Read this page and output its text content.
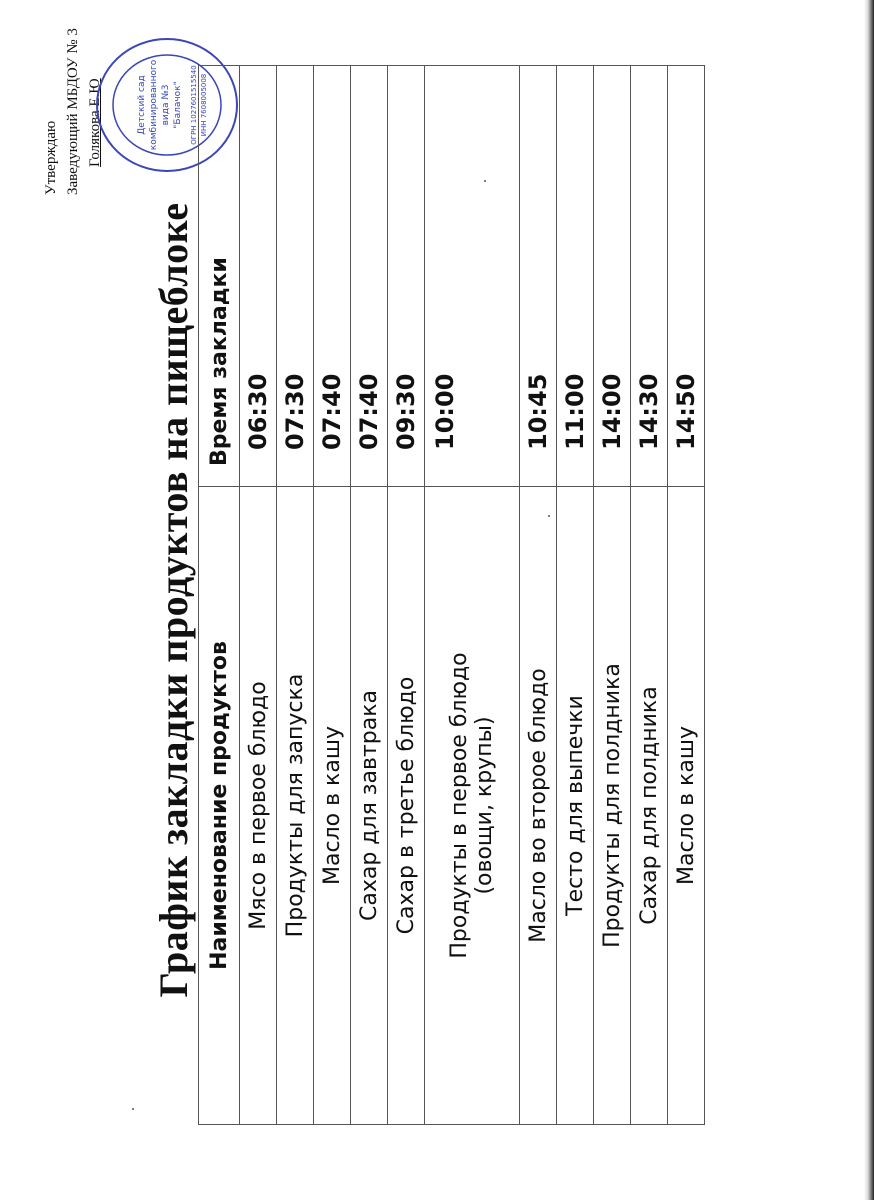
Утверждаю Заведующий МБДОУ № 3 Голякова Е.Ю	Детский сад комбинированного вида №3 "Балачок" ОГРН 1027601515540 ИНН 7608005008
График закладки продуктов на пищеблоке Наименование продуктов	Время закладки
Мясо в первое блюдо	06:30
Продукты для запуска	07:30
Масло в кашу	07:40
Сахар для завтрака	07:40
Сахар в третье блюдо	09:30

Продукты в первое блюдо (овощи, крупы)	10:00
Масло во второе блюдо	10:45
Тесто для выпечки	11:00
Продукты для полдника	14:00
Сахар для полдника	14:30
Масло в кашу	14:50
